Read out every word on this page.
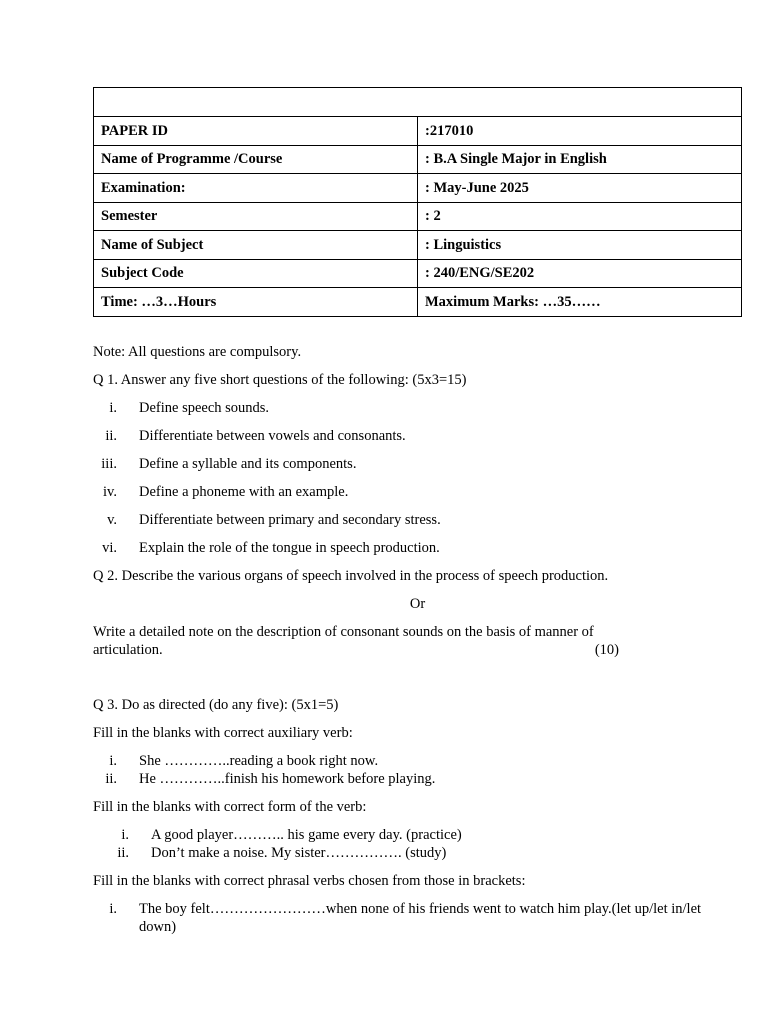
PAPER ID	:217010
Name of Programme /Course	: B.A Single Major in English
Examination:	: May-June 2025
Semester	: 2
Name of Subject	: Linguistics
Subject Code	: 240/ENG/SE202
Time: …3…Hours	Maximum Marks: …35……

Note: All questions are compulsory.

Q 1. Answer any five short questions of the following: (5x3=15)

i.	Define speech sounds.
ii.	Differentiate between vowels and consonants.
iii.	Define a syllable and its components.
iv.	Define a phoneme with an example.
v.	Differentiate between primary and secondary stress.
vi.	Explain the role of the tongue in speech production.

Q 2. Describe the various organs of speech involved in the process of speech production.

Or

Write a detailed note on the description of consonant sounds on the basis of manner of

articulation.	(10)

Q 3. Do as directed (do any five): (5x1=5)

Fill in the blanks with correct auxiliary verb:

i.	She …………..reading a book right now.
ii.	He …………..finish his homework before playing.

Fill in the blanks with correct form of the verb:

i.	A good player……….. his game every day. (practice)
ii.	Don’t make a noise. My sister……………. (study)

Fill in the blanks with correct phrasal verbs chosen from those in brackets:

i.	The boy felt……………………when none of his friends went to watch him play.(let up/let in/let down)
